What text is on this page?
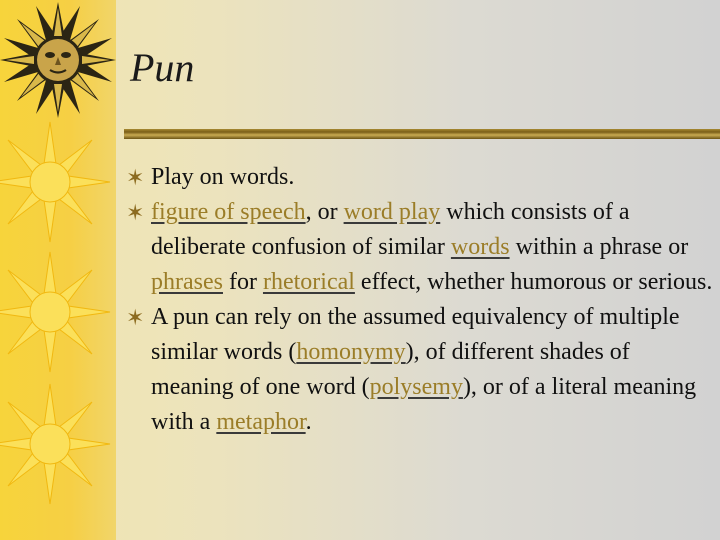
Pun
✶ Play on words.
✶ figure of speech, or word play which consists of a deliberate confusion of similar words within a phrase or phrases for rhetorical effect, whether humorous or serious.
✶ A pun can rely on the assumed equivalency of multiple similar words (homonymy), of different shades of meaning of one word (polysemy), or of a literal meaning with a metaphor.
